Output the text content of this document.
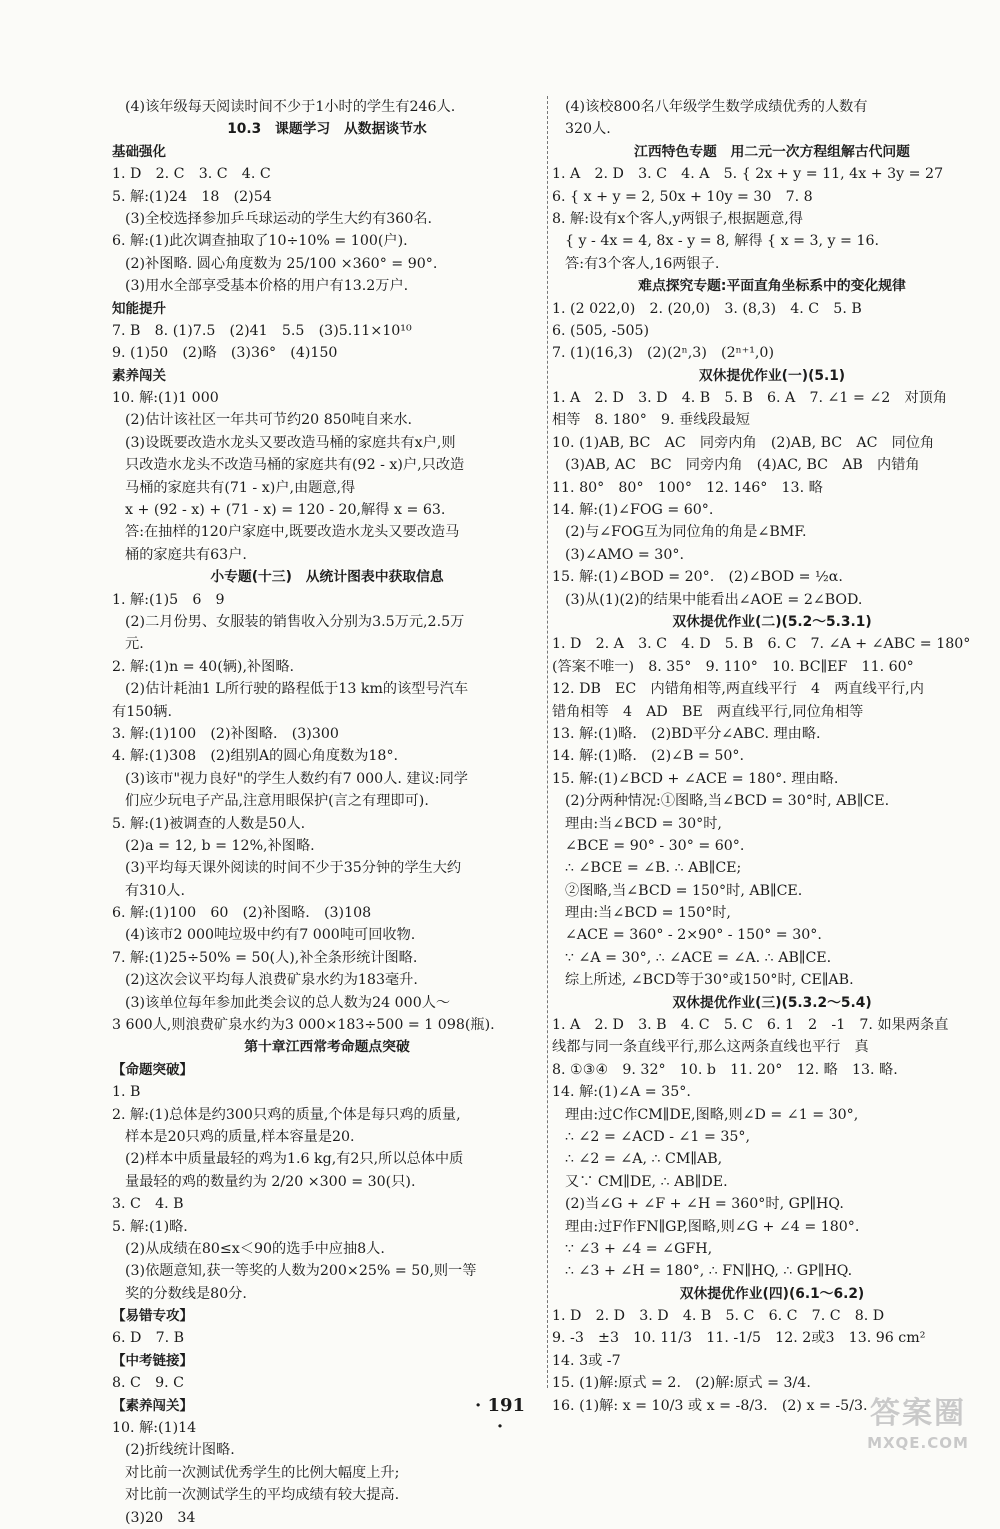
(4)该年级每天阅读时间不少于1小时的学生有246人.
10.3　课题学习　从数据谈节水
基础强化
1. D　2. C　3. C　4. C
5. 解:(1)24　18　(2)54
(3)全校选择参加乒乓球运动的学生大约有360名.
6. 解:(1)此次调查抽取了10÷10% = 100(户).
(2)补图略. 圆心角度数为 25/100 ×360° = 90°.
(3)用水全部享受基本价格的用户有13.2万户.
知能提升
7. B　8. (1)7.5　(2)41　5.5　(3)5.11×10¹⁰
9. (1)50　(2)略　(3)36°　(4)150
素养闯关
10. 解:(1)1 000
(2)估计该社区一年共可节约20 850吨自来水.
(3)设既要改造水龙头又要改造马桶的家庭共有x户,则
只改造水龙头不改造马桶的家庭共有(92 - x)户,只改造
马桶的家庭共有(71 - x)户,由题意,得
x + (92 - x) + (71 - x) = 120 - 20,解得 x = 63.
答:在抽样的120户家庭中,既要改造水龙头又要改造马
桶的家庭共有63户.
小专题(十三)　从统计图表中获取信息
1. 解:(1)5　6　9
(2)二月份男、女服装的销售收入分别为3.5万元,2.5万
元.
2. 解:(1)n = 40(辆),补图略.
(2)估计耗油1 L所行驶的路程低于13 km的该型号汽车
有150辆.
3. 解:(1)100　(2)补图略.　(3)300
4. 解:(1)308　(2)组别A的圆心角度数为18°.
(3)该市"视力良好"的学生人数约有7 000人. 建议:同学
们应少玩电子产品,注意用眼保护(言之有理即可).
5. 解:(1)被调查的人数是50人.
(2)a = 12, b = 12%,补图略.
(3)平均每天课外阅读的时间不少于35分钟的学生大约
有310人.
6. 解:(1)100　60　(2)补图略.　(3)108
(4)该市2 000吨垃圾中约有7 000吨可回收物.
7. 解:(1)25÷50% = 50(人),补全条形统计图略.
(2)这次会议平均每人浪费矿泉水约为183毫升.
(3)该单位每年参加此类会议的总人数为24 000人～
3 600人,则浪费矿泉水约为3 000×183÷500 = 1 098(瓶).
第十章江西常考命题点突破
【命题突破】
1. B
2. 解:(1)总体是约300只鸡的质量,个体是每只鸡的质量,
样本是20只鸡的质量,样本容量是20.
(2)样本中质量最轻的鸡为1.6 kg,有2只,所以总体中质
量最轻的鸡的数量约为 2/20 ×300 = 30(只).
3. C　4. B
5. 解:(1)略.
(2)从成绩在80≤x＜90的选手中应抽8人.
(3)依题意知,获一等奖的人数为200×25% = 50,则一等
奖的分数线是80分.
【易错专攻】
6. D　7. B
【中考链接】
8. C　9. C
【素养闯关】
10. 解:(1)14
(2)折线统计图略.
对比前一次测试优秀学生的比例大幅度上升;
对比前一次测试学生的平均成绩有较大提高.
(3)20　34
(4)该校800名八年级学生数学成绩优秀的人数有
320人.
江西特色专题　用二元一次方程组解古代问题
1. A　2. D　3. C　4. A　5. { 2x + y = 11, 4x + 3y = 27
6. { x + y = 2, 50x + 10y = 30　7. 8
8. 解:设有x个客人,y两银子,根据题意,得
{ y - 4x = 4, 8x - y = 8, 解得 { x = 3, y = 16.
答:有3个客人,16两银子.
难点探究专题:平面直角坐标系中的变化规律
1. (2 022,0)　2. (20,0)　3. (8,3)　4. C　5. B
6. (505, -505)
7. (1)(16,3)　(2)(2ⁿ,3)　(2ⁿ⁺¹,0)
双休提优作业(一)(5.1)
1. A　2. D　3. D　4. B　5. B　6. A　7. ∠1 = ∠2　对顶角
相等　8. 180°　9. 垂线段最短
10. (1)AB, BC　AC　同旁内角　(2)AB, BC　AC　同位角
(3)AB, AC　BC　同旁内角　(4)AC, BC　AB　内错角
11. 80°　80°　100°　12. 146°　13. 略
14. 解:(1)∠FOG = 60°.
(2)与∠FOG互为同位角的角是∠BMF.
(3)∠AMO = 30°.
15. 解:(1)∠BOD = 20°.　(2)∠BOD = ½α.
(3)从(1)(2)的结果中能看出∠AOE = 2∠BOD.
双休提优作业(二)(5.2～5.3.1)
1. D　2. A　3. C　4. D　5. B　6. C　7. ∠A + ∠ABC = 180°
(答案不唯一)　8. 35°　9. 110°　10. BC∥EF　11. 60°
12. DB　EC　内错角相等,两直线平行　4　两直线平行,内
错角相等　4　AD　BE　两直线平行,同位角相等
13. 解:(1)略.　(2)BD平分∠ABC. 理由略.
14. 解:(1)略.　(2)∠B = 50°.
15. 解:(1)∠BCD + ∠ACE = 180°. 理由略.
(2)分两种情况:①图略,当∠BCD = 30°时, AB∥CE.
理由:当∠BCD = 30°时,
∠BCE = 90° - 30° = 60°.
∴ ∠BCE = ∠B. ∴ AB∥CE;
②图略,当∠BCD = 150°时, AB∥CE.
理由:当∠BCD = 150°时,
∠ACE = 360° - 2×90° - 150° = 30°.
∵ ∠A = 30°, ∴ ∠ACE = ∠A. ∴ AB∥CE.
综上所述, ∠BCD等于30°或150°时, CE∥AB.
双休提优作业(三)(5.3.2～5.4)
1. A　2. D　3. B　4. C　5. C　6. 1　2　-1　7. 如果两条直
线都与同一条直线平行,那么这两条直线也平行　真
8. ①③④　9. 32°　10. b　11. 20°　12. 略　13. 略.
14. 解:(1)∠A = 35°.
理由:过C作CM∥DE,图略,则∠D = ∠1 = 30°,
∴ ∠2 = ∠ACD - ∠1 = 35°,
∴ ∠2 = ∠A, ∴ CM∥AB,
又∵ CM∥DE, ∴ AB∥DE.
(2)当∠G + ∠F + ∠H = 360°时, GP∥HQ.
理由:过F作FN∥GP,图略,则∠G + ∠4 = 180°.
∵ ∠3 + ∠4 = ∠GFH,
∴ ∠3 + ∠H = 180°, ∴ FN∥HQ, ∴ GP∥HQ.
双休提优作业(四)(6.1～6.2)
1. D　2. D　3. D　4. B　5. C　6. C　7. C　8. D
9. -3　±3　10. 11/3　11. -1/5　12. 2或3　13. 96 cm²
14. 3或 -7
15. (1)解:原式 = 2.　(2)解:原式 = 3/4.
16. (1)解: x = 10/3 或 x = -8/3.　(2) x = -5/3.
· 191 ·	答案圈
MXQE.COM
